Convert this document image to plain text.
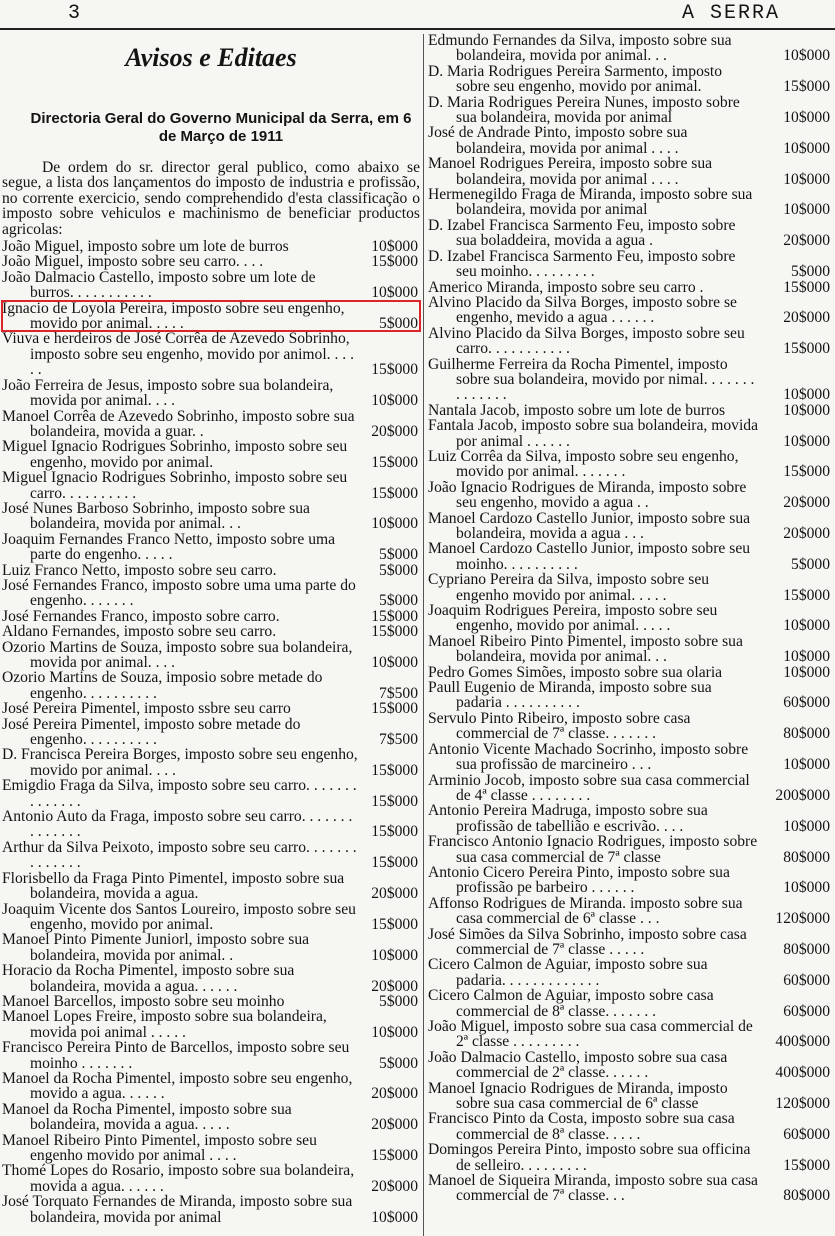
3	A SERRA
Avisos e Editaes
Directoria Geral do Governo Municipal da Serra, em 6 de Março de 1911
De ordem do sr. director geral publico, como abaixo se segue, a lista dos lançamentos do imposto de industria e profissão, no corrente exercicio, sendo comprehendido d'esta classificação o imposto sobre vehiculos e machinismo de beneficiar productos agricolas:
João Miguel, imposto sobre um lote de burros	10$000
João Miguel, imposto sobre seu carro. . . .	15$000
João Dalmacio Castello, imposto sobre um lote de burros. . . . . . . . . . .	10$000
Ignacio de Loyola Pereira, imposto sobre seu engenho, movido por animal. . . . .	5$000
Viuva e herdeiros de José Corrêa de Azevedo Sobrinho, imposto sobre seu engenho, movido por animol. . . . . .	15$000
João Ferreira de Jesus, imposto sobre sua bolandeira, movida por animal. . . .	10$000
Manoel Corrêa de Azevedo Sobrinho, imposto sobre sua bolandeira, movida a guar. .	20$000
Miguel Ignacio Rodrigues Sobrinho, imposto sobre seu engenho, movido por animal.	15$000
Miguel Ignacio Rodrigues Sobrinho, imposto sobre seu carro. . . . . . . . . .	15$000
José Nunes Barboso Sobrinho, imposto sobre sua bolandeira, movida por animal. . .	10$000
Joaquim Fernandes Franco Netto, imposto sobre uma parte do engenho. . . . .	5$000
Luiz Franco Netto, imposto sobre seu carro.	5$000
José Fernandes Franco, imposto sobre uma uma parte do engenho. . . . . . .	5$000
José Fernandes Franco, imposto sobre carro.	15$000
Aldano Fernandes, imposto sobre seu carro.	15$000
Ozorio Martins de Souza, imposto sobre sua bolandeira, movida por animal. . . .	10$000
Ozorio Martins de Souza, imposio sobre metade do engenho. . . . . . . . . .	7$500
José Pereira Pimentel, imposto ssbre seu carro	15$000
José Pereira Pimentel, imposto sobre metade do engenho. . . . . . . . . .	7$500
D. Francisca Pereira Borges, imposto sobre seu engenho, movido por animal. . . .	15$000
Emigdio Fraga da Silva, imposto sobre seu carro. . . . . . . . . . . . . .	15$000
Antonio Auto da Fraga, imposto sobre seu carro. . . . . . . . . . . . . .	15$000
Arthur da Silva Peixoto, imposto sobre seu carro. . . . . . . . . . . . . .	15$000
Florisbello da Fraga Pinto Pimentel, imposto sobre sua bolandeira, movida a agua.	20$000
Joaquim Vicente dos Santos Loureiro, imposto sobre seu engenho, movido por animal.	15$000
Manoel Pinto Pimente Juniorl, imposto sobre sua bolandeira, movida por animal. .	10$000
Horacio da Rocha Pimentel, imposto sobre sua bolandeira, movida a agua. . . . . .	20$000
Manoel Barcellos, imposto sobre seu moinho	5$000
Manoel Lopes Freire, imposto sobre sua bolandeira, movida poi animal . . . . .	10$000
Francisco Pereira Pinto de Barcellos, imposto sobre seu moinho . . . . . . .	5$000
Manoel da Rocha Pimentel, imposto sobre seu engenho, movido a agua. . . . . .	20$000
Manoel da Rocha Pimentel, imposto sobre sua bolandeira, movida a agua. . . . .	20$000
Manoel Ribeiro Pinto Pimentel, imposto sobre seu engenho movido por animal . . . .	15$000
Thomé Lopes do Rosario, imposto sobre sua bolandeira, movida a agua. . . . . .	20$000
José Torquato Fernandes de Miranda, imposto sobre sua bolandeira, movida por animal	10$000
Edmundo Fernandes da Silva, imposto sobre sua bolandeira, movida por animal. . .	10$000
D. Maria Rodrigues Pereira Sarmento, imposto sobre seu engenho, movido por animal.	15$000
D. Maria Rodrigues Pereira Nunes, imposto sobre sua bolandeira, movida por animal	10$000
José de Andrade Pinto, imposto sobre sua bolandeira, movida por animal . . . .	10$000
Manoel Rodrigues Pereira, imposto sobre sua bolandeira, movida por animal . . . .	10$000
Hermenegildo Fraga de Miranda, imposto sobre sua bolandeira, movida por animal	10$000
D. Izabel Francisca Sarmento Feu, imposto sobre sua boladdeira, movida a agua .	20$000
D. Izabel Francisca Sarmento Feu, imposto sobre seu moinho. . . . . . . . .	5$000
Americo Miranda, imposto sobre seu carro .	15$000
Alvino Placido da Silva Borges, imposto sobre se engenho, mevido a agua . . . . . .	20$000
Alvino Placido da Silva Borges, imposto sobre seu carro. . . . . . . . . . .	15$000
Guilherme Ferreira da Rocha Pimentel, imposto sobre sua bolandeira, movido por nimal. . . . . . . . . . . . . .	10$000
Nantala Jacob, imposto sobre um lote de burros	10$000
Fantala Jacob, imposto sobre sua bolandeira, movida por animal . . . . . .	10$000
Luiz Corrêa da Silva, imposto sobre seu engenho, movido por animal. . . . . . .	15$000
João Ignacio Rodrigues de Miranda, imposto sobre seu engenho, movido a agua . .	20$000
Manoel Cardozo Castello Junior, imposto sobre sua bolandeira, movida a agua . . .	20$000
Manoel Cardozo Castello Junior, imposto sobre seu moinho. . . . . . . . . .	5$000
Cypriano Pereira da Silva, imposto sobre seu engenho movido por animal. . . . .	15$000
Joaquim Rodrigues Pereira, imposto sobre seu engenho, movido por animal. . . . .	10$000
Manoel Ribeiro Pinto Pimentel, imposto sobre sua bolandeira, movida por animal. . .	10$000
Pedro Gomes Simões, imposto sobre sua olaria	10$000
Paull Eugenio de Miranda, imposto sobre sua padaria . . . . . . . . . .	60$000
Servulo Pinto Ribeiro, imposto sobre casa commercial de 7ª classe. . . . . . .	80$000
Antonio Vicente Machado Socrinho, imposto sobre sua profissão de marcineiro . . .	10$000
Arminio Jocob, imposto sobre sua casa commercial de 4ª classe . . . . . . . .	200$000
Antonio Pereira Madruga, imposto sobre sua profissão de tabellião e escrivão. . . .	10$000
Francisco Antonio Ignacio Rodrigues, imposto sobre sua casa commercial de 7ª classe	80$000
Antonio Cicero Pereira Pinto, imposto sobre sua profissão pe barbeiro . . . . . .	10$000
Affonso Rodrigues de Miranda. imposto sobre sua casa commercial de 6ª classe . . .	120$000
José Simões da Silva Sobrinho, imposto sobre casa commercial de 7ª classe . . . . .	80$000
Cicero Calmon de Aguiar, imposto sobre sua padaria. . . . . . . . . . . . .	60$000
Cicero Calmon de Aguiar, imposto sobre casa commercial de 8ª classe. . . . . . .	60$000
João Miguel, imposto sobre sua casa commercial de 2ª classe . . . . . . . . .	400$000
João Dalmacio Castello, imposto sobre sua casa commercial de 2ª classe. . . . . .	400$000
Manoel Ignacio Rodrigues de Miranda, imposto sobre sua casa commercial de 6ª classe	120$000
Francisco Pinto da Costa, imposto sobre sua casa commercial de 8ª classe. . . . .	60$000
Domingos Pereira Pinto, imposto sobre sua officina de selleiro. . . . . . . . .	15$000
Manoel de Siqueira Miranda, imposto sobre sua casa commercial de 7ª classe. . .	80$000
